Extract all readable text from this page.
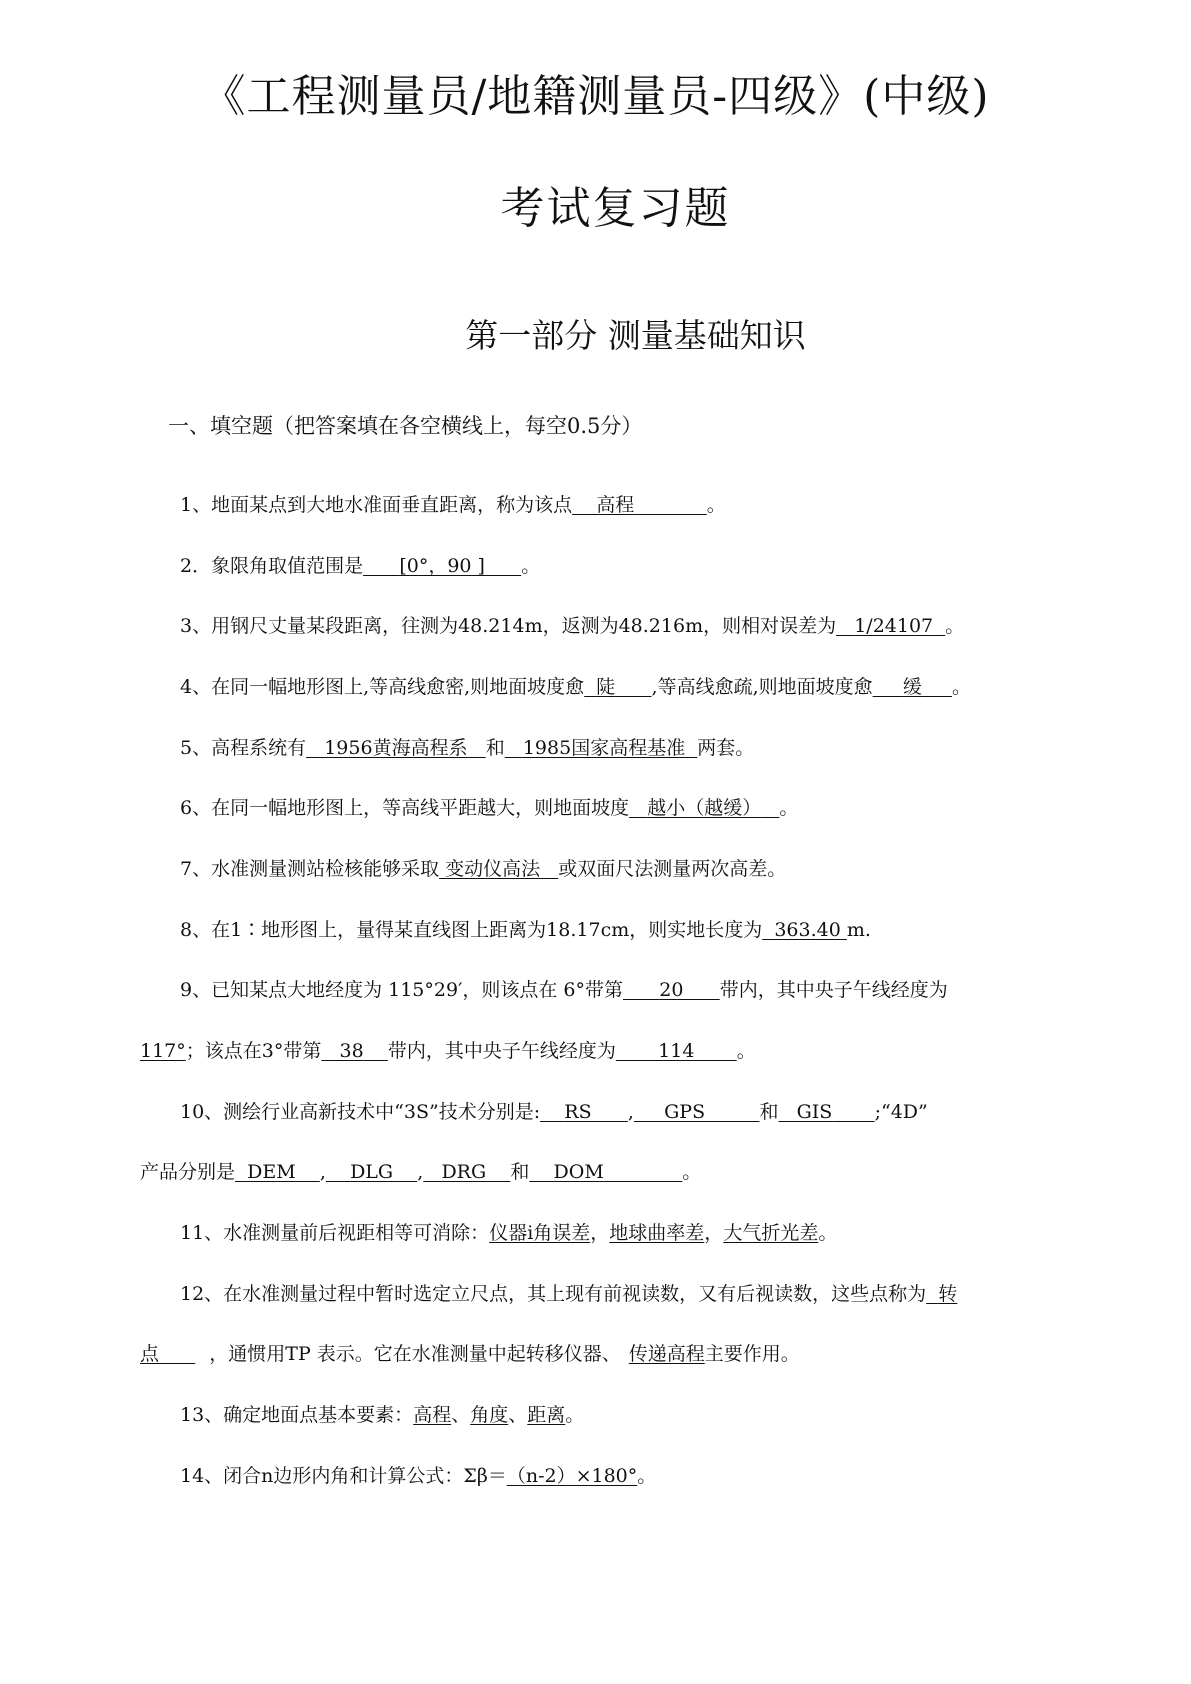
《工程测量员/地籍测量员-四级》(中级)
考试复习题
第一部分 测量基础知识
一、填空题（把答案填在各空横线上，每空0.5分）
1、地面某点到大地水准面垂直距离，称为该点 高程	。
2．象限角取值范围是 [0°，90 ] 。
3、用钢尺丈量某段距离，往测为48.214m，返测为48.216m，则相对误差为 1/24107 。
4、在同一幅地形图上,等高线愈密,则地面坡度愈 陡 ,等高线愈疏,则地面坡度愈 缓 。
5、高程系统有 1956黄海高程系 和 1985国家高程基准 两套。
6、在同一幅地形图上，等高线平距越大，则地面坡度 越小（越缓） 。
7、水准测量测站检核能够采取 变动仪高法 或双面尺法测量两次高差。
8、在1∶地形图上，量得某直线图上距离为18.17cm，则实地长度为 363.40 m.
9、已知某点大地经度为 115°29′，则该点在 6°带第 20 带内，其中央子午线经度为
117°；该点在3°带第 38 带内，其中央子午线经度为 114 。
10、测绘行业高新技术中“3S”技术分别是: RS , GPS	和 GIS ;“4D”
产品分别是 DEM , DLG , DRG 和 DOM	。
11、水准测量前后视距相等可消除：仪器i角误差，地球曲率差，大气折光差。
12、在水准测量过程中暂时选定立尺点，其上现有前视读数，又有后视读数，这些点称为 转
点	，通惯用TP 表示。它在水准测量中起转移仪器、 传递高程主要作用。
13、确定地面点基本要素：高程、角度、距离。
14、闭合n边形内角和计算公式：Σβ＝（n-2）×180°。
